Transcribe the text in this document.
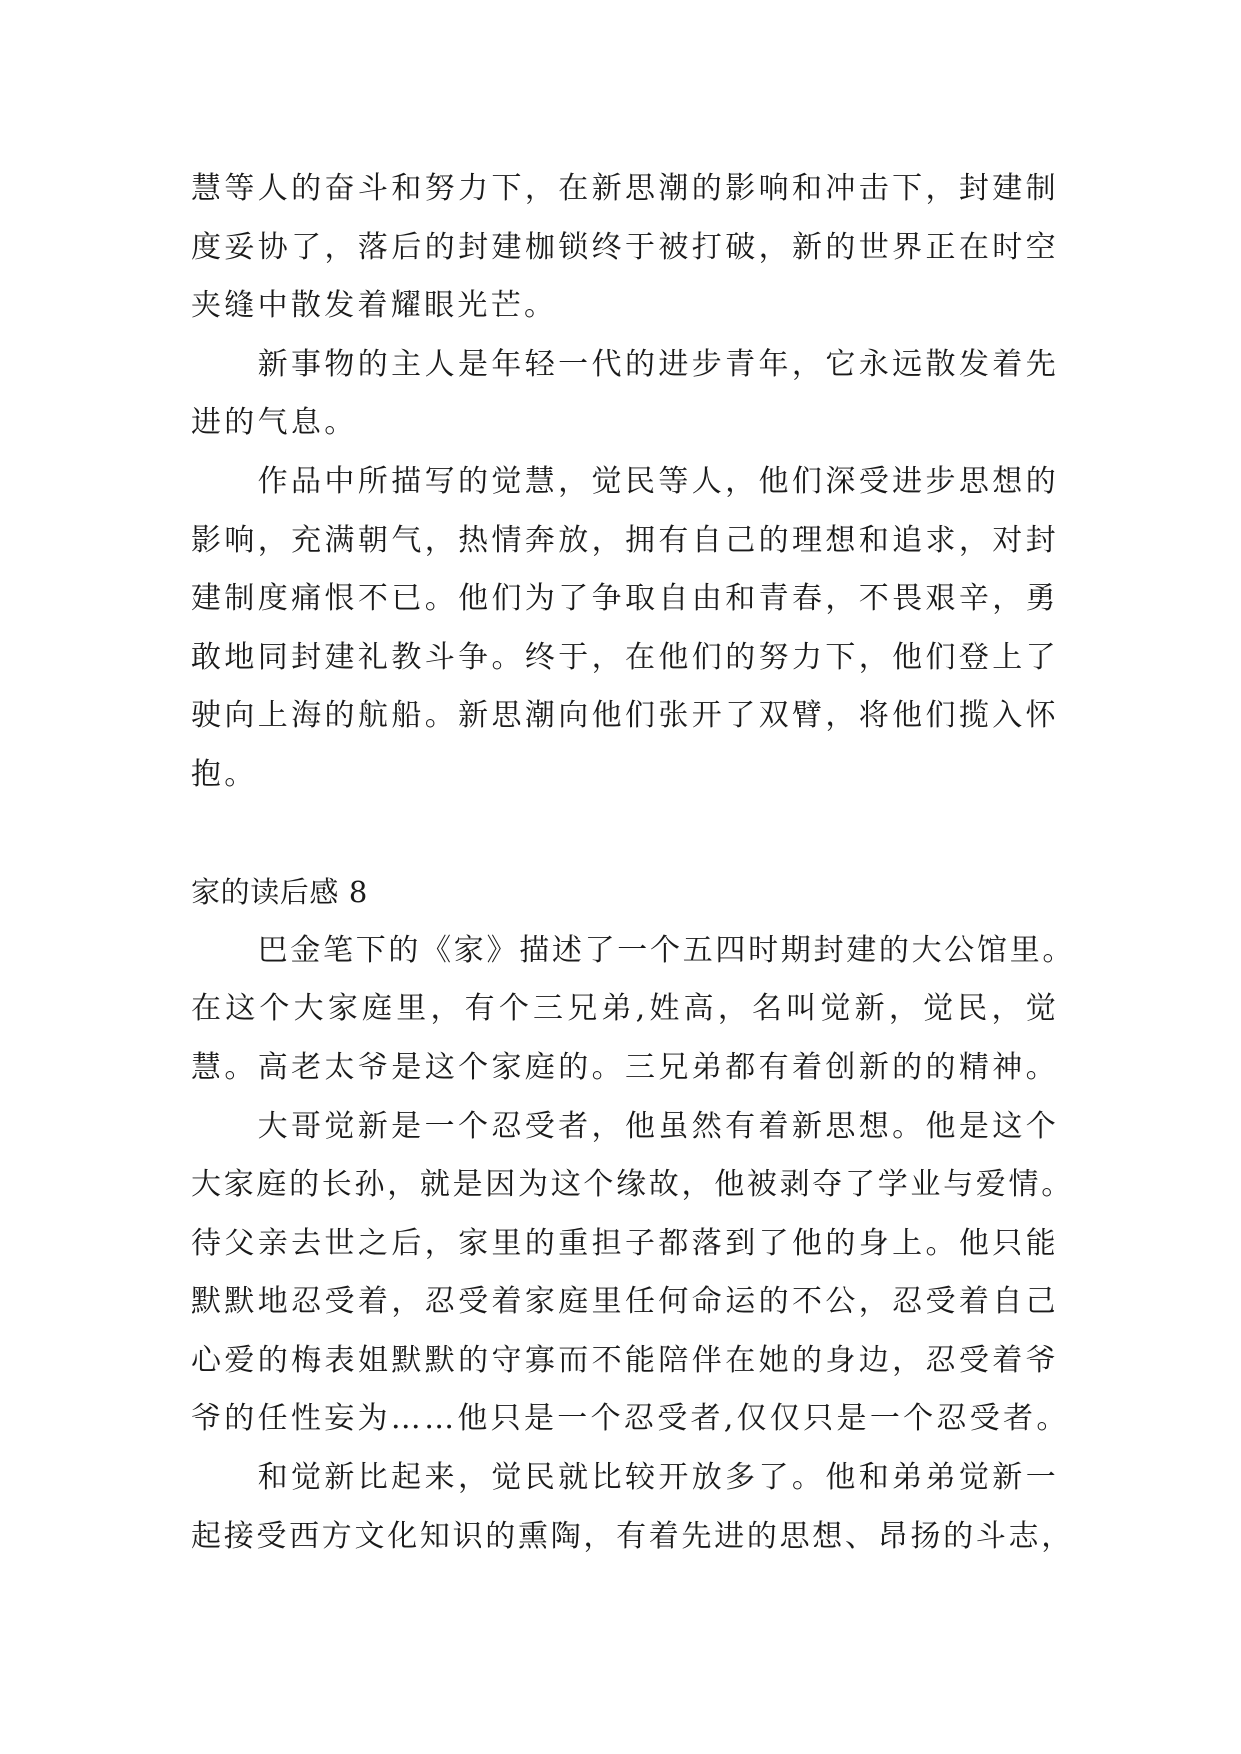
慧等人的奋斗和努力下，在新思潮的影响和冲击下，封建制
度妥协了，落后的封建枷锁终于被打破，新的世界正在时空
夹缝中散发着耀眼光芒。
新事物的主人是年轻一代的进步青年，它永远散发着先
进的气息。
作品中所描写的觉慧，觉民等人，他们深受进步思想的
影响，充满朝气，热情奔放，拥有自己的理想和追求，对封
建制度痛恨不已。他们为了争取自由和青春，不畏艰辛，勇
敢地同封建礼教斗争。终于，在他们的努力下，他们登上了
驶向上海的航船。新思潮向他们张开了双臂，将他们揽入怀
抱。
家的读后感 8
巴金笔下的《家》描述了一个五四时期封建的大公馆里。
在这个大家庭里，有个三兄弟,姓高，名叫觉新，觉民，觉
慧。高老太爷是这个家庭的。三兄弟都有着创新的的精神。
大哥觉新是一个忍受者，他虽然有着新思想。他是这个
大家庭的长孙，就是因为这个缘故，他被剥夺了学业与爱情。
待父亲去世之后，家里的重担子都落到了他的身上。他只能
默默地忍受着，忍受着家庭里任何命运的不公，忍受着自己
心爱的梅表姐默默的守寡而不能陪伴在她的身边，忍受着爷
爷的任性妄为……他只是一个忍受者,仅仅只是一个忍受者。
和觉新比起来，觉民就比较开放多了。他和弟弟觉新一
起接受西方文化知识的熏陶，有着先进的思想、昂扬的斗志，
